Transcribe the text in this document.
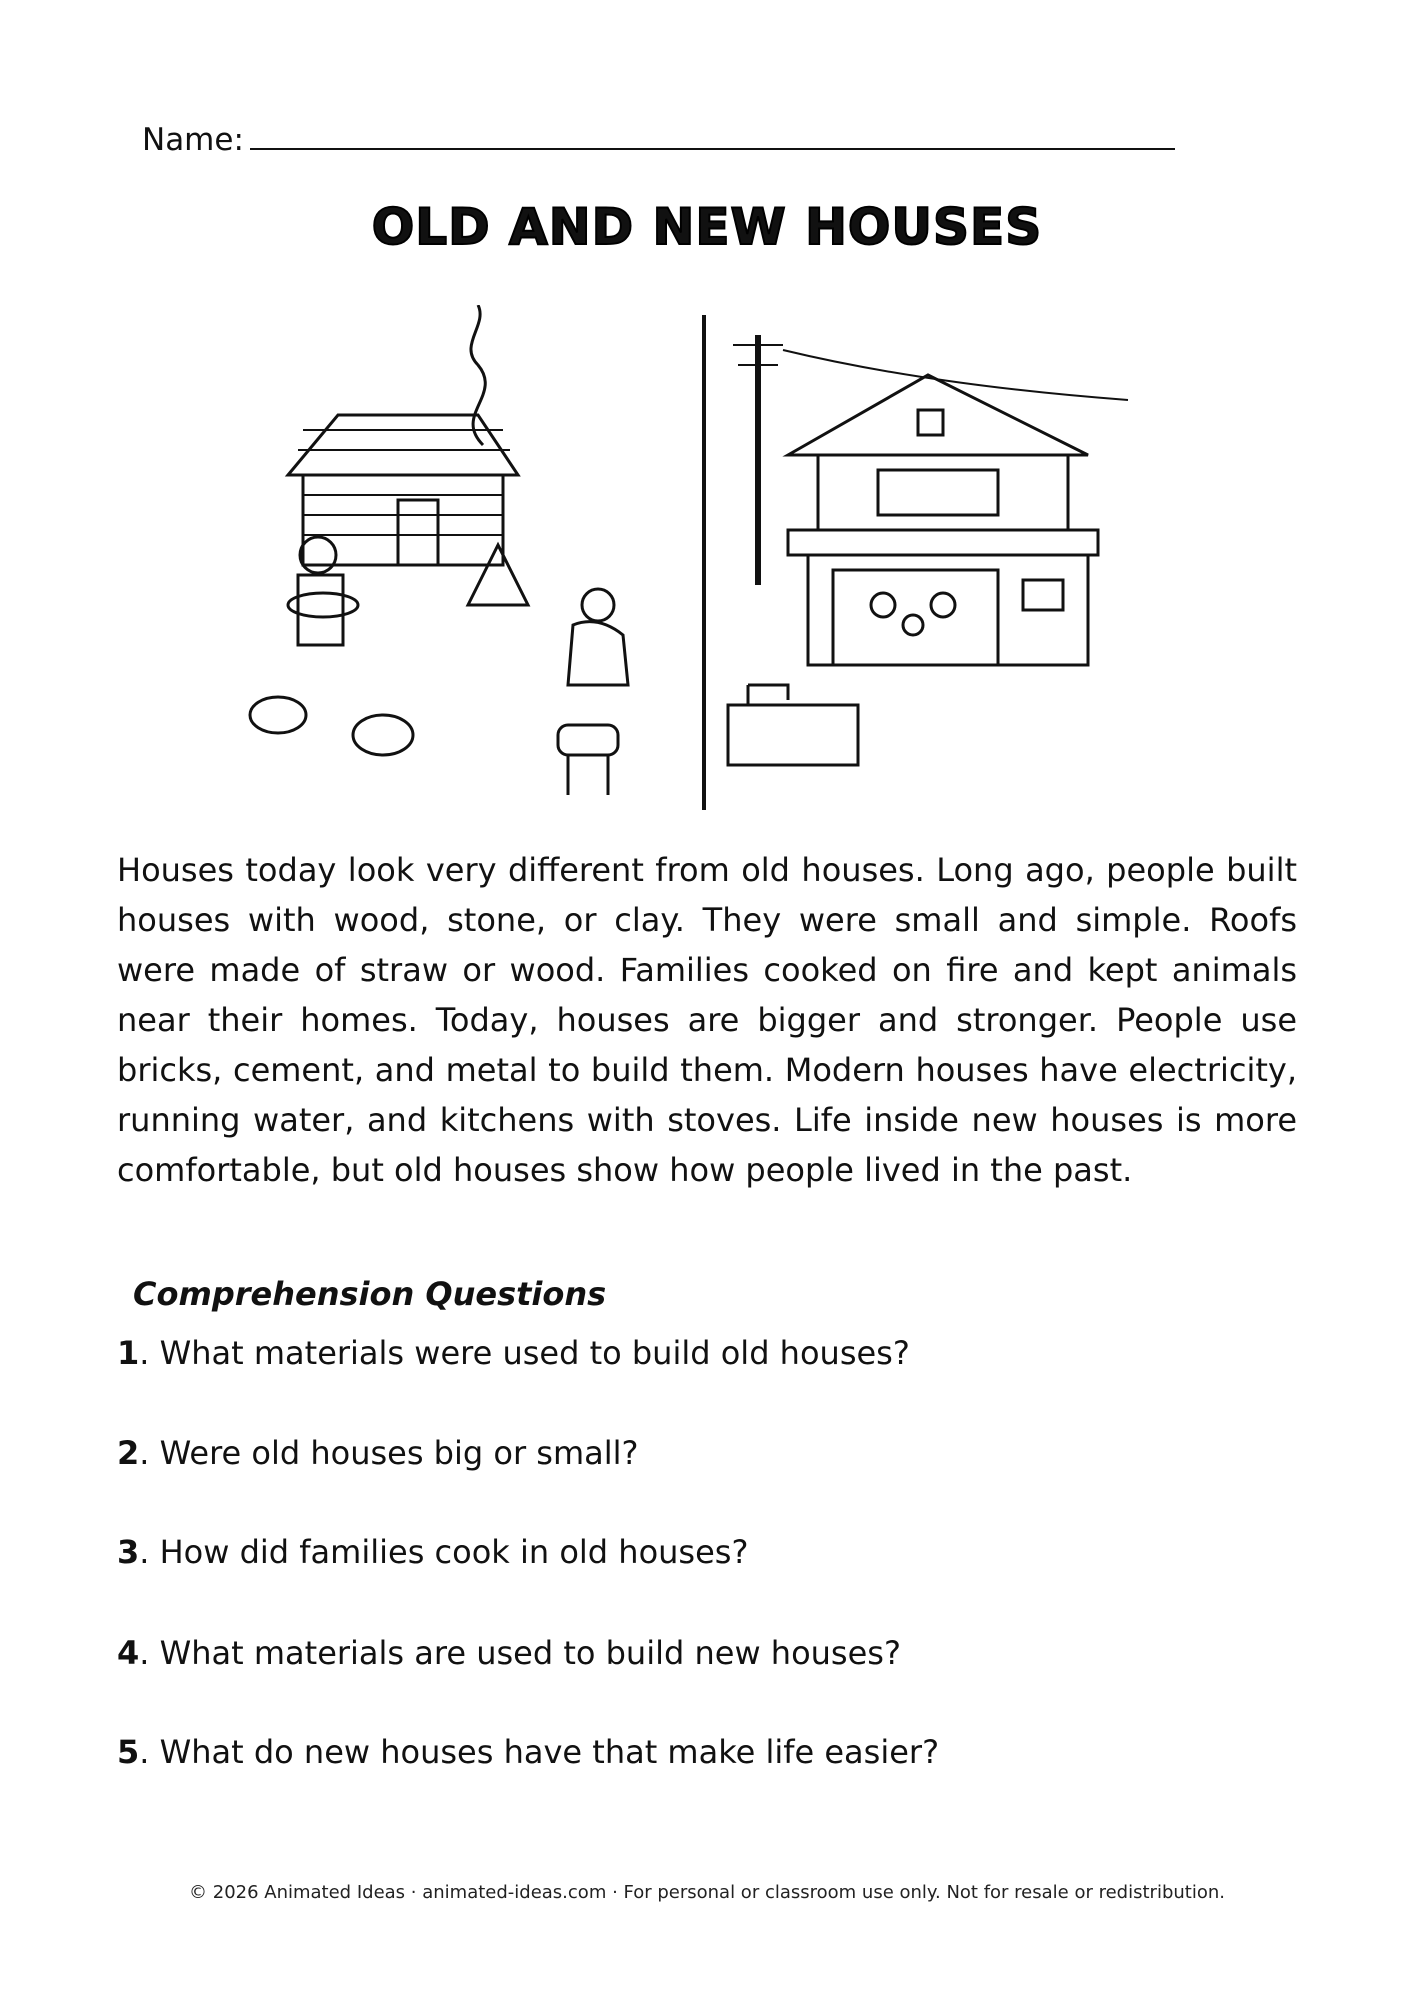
Name:
OLD AND NEW HOUSES
Houses today look very different from old houses. Long ago, people built houses with wood, stone, or clay. They were small and simple. Roofs were made of straw or wood. Families cooked on fire and kept animals near their homes. Today, houses are bigger and stronger. People use bricks, cement, and metal to build them. Modern houses have electricity, running water, and kitchens with stoves. Life inside new houses is more comfortable, but old houses show how people lived in the past.
Comprehension Questions
1. What materials were used to build old houses?
2. Were old houses big or small?
3. How did families cook in old houses?
4. What materials are used to build new houses?
5. What do new houses have that make life easier?
© 2026 Animated Ideas · animated-ideas.com · For personal or classroom use only. Not for resale or redistribution.
